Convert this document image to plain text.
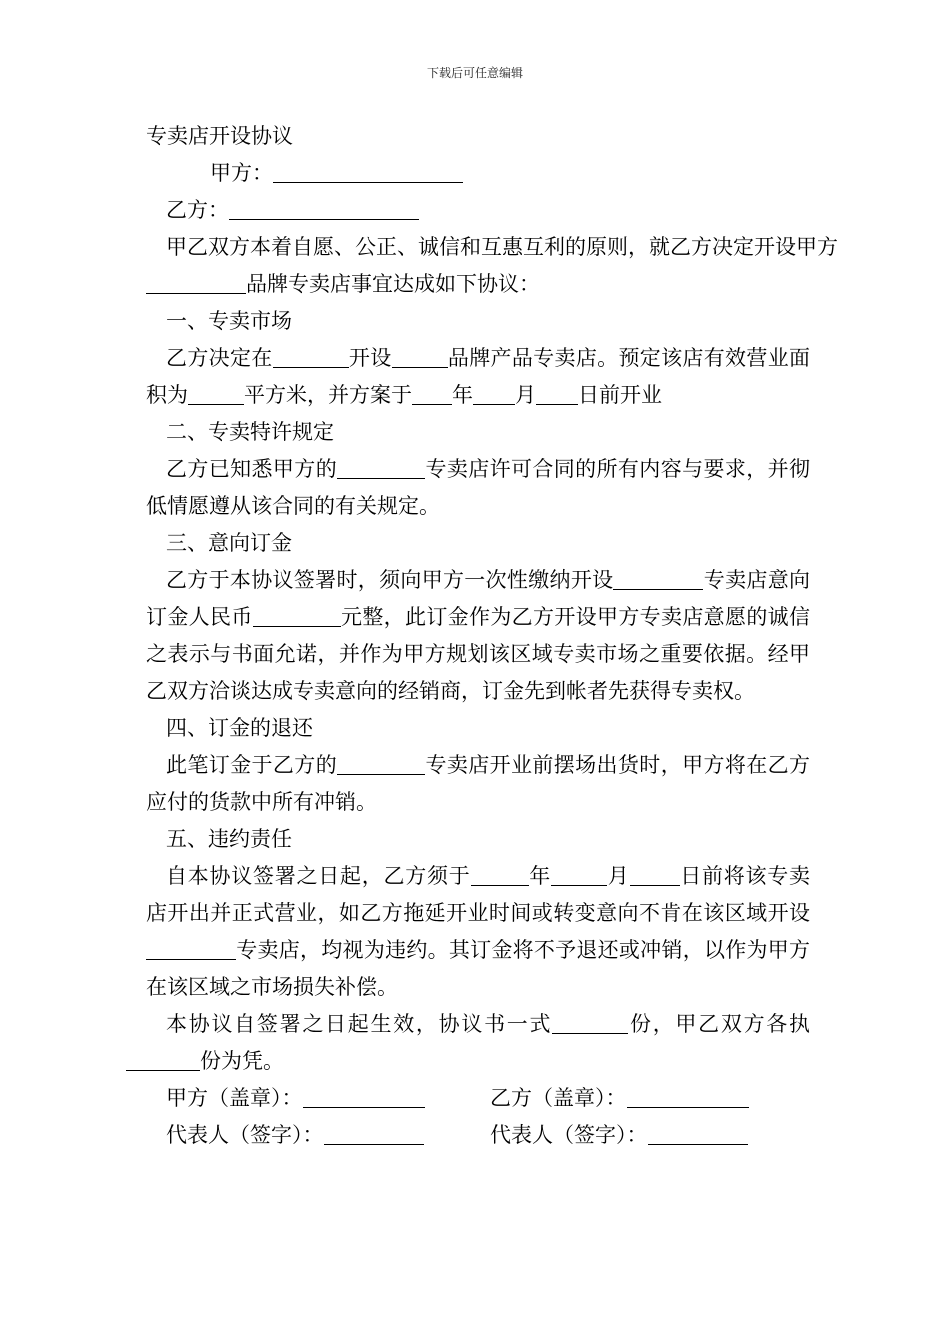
下载后可任意编辑
专卖店开设协议
甲方：
乙方：
甲乙双方本着自愿、公正、诚信和互惠互利的原则，就乙方决定开设甲方
品牌专卖店事宜达成如下协议：
一、专卖市场
乙方决定在	开设	品牌产品专卖店。预定该店有效营业面积为	平方米，并方案于 年 月 日前开业
二、专卖特许规定
乙方已知悉甲方的	专卖店许可合同的所有内容与要求，并彻低情愿遵从该合同的有关规定。
三、意向订金
乙方于本协议签署时，须向甲方一次性缴纳开设	专卖店意向订金人民币	元整，此订金作为乙方开设甲方专卖店意愿的诚信之表示与书面允诺，并作为甲方规划该区域专卖市场之重要依据。经甲乙双方洽谈达成专卖意向的经销商，订金先到帐者先获得专卖权。
四、订金的退还
此笔订金于乙方的	专卖店开业前摆场出货时，甲方将在乙方应付的货款中所有冲销。
五、违约责任
自本协议签署之日起，乙方须于	年	月 日前将该专卖店开出并正式营业，如乙方拖延开业时间或转变意向不肯在该区域开设专卖店，均视为违约。其订金将不予退还或冲销，以作为甲方在该区域之市场损失补偿。
本协议自签署之日起生效，协议书一式	份，甲乙双方各执份为凭。
甲方（盖章）：	乙方（盖章）：
代表人（签字）：	代表人（签字）：
